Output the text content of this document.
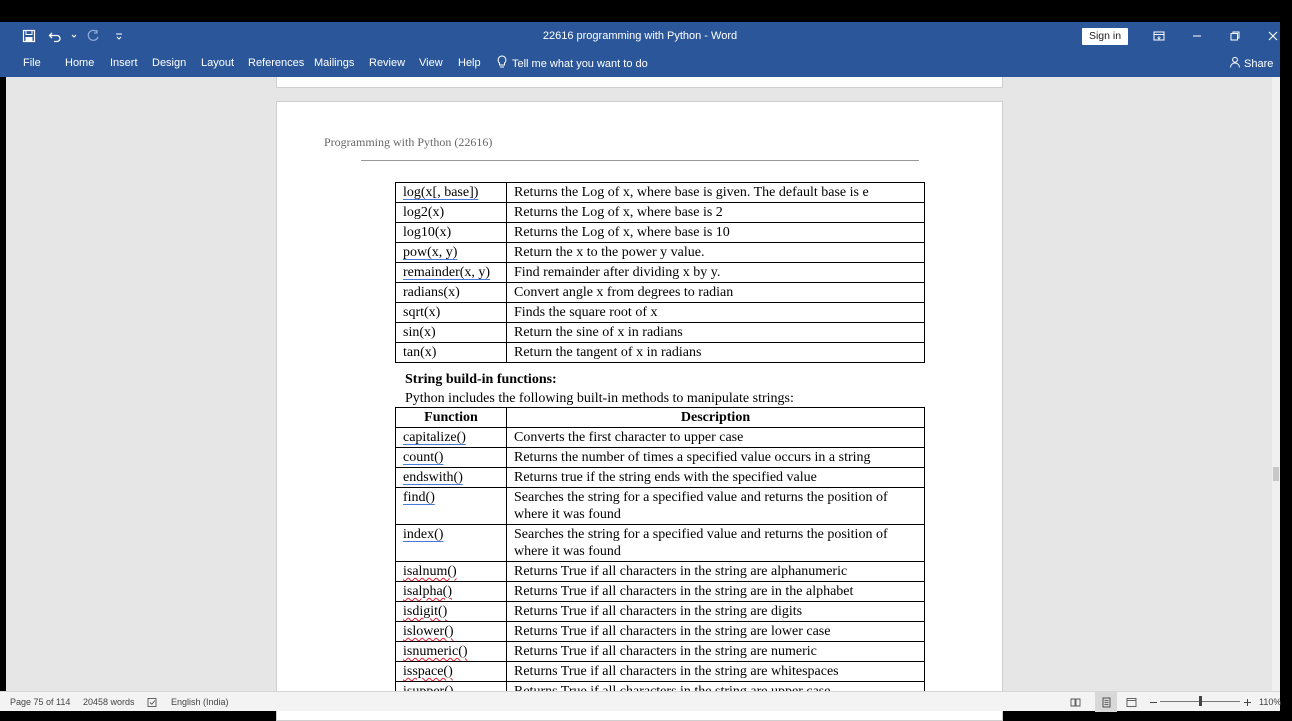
22616 programming with Python - Word	Sign in
File Home Insert Design Layout References Mailings Review View Help	Tell me what you want to do	Share
Programming with Python (22616)
log(x[, base])	Returns the Log of x, where base is given. The default base is e
log2(x)	Returns the Log of x, where base is 2
log10(x)	Returns the Log of x, where base is 10
pow(x, y)	Return the x to the power y value.
remainder(x, y)	Find remainder after dividing x by y.
radians(x)	Convert angle x from degrees to radian
sqrt(x)	Finds the square root of x
sin(x)	Return the sine of x in radians
tan(x)	Return the tangent of x in radians
String build-in functions:
Python includes the following built-in methods to manipulate strings:
Function	Description
capitalize()	Converts the first character to upper case
count()	Returns the number of times a specified value occurs in a string
endswith()	Returns true if the string ends with the specified value
find()	Searches the string for a specified value and returns the position of where it was found
index()	Searches the string for a specified value and returns the position of where it was found
isalnum()	Returns True if all characters in the string are alphanumeric
isalpha()	Returns True if all characters in the string are in the alphabet
isdigit()	Returns True if all characters in the string are digits
islower()	Returns True if all characters in the string are lower case
isnumeric()	Returns True if all characters in the string are numeric
isspace()	Returns True if all characters in the string are whitespaces

Page 75 of 114 20458 words	English (India)	110%
